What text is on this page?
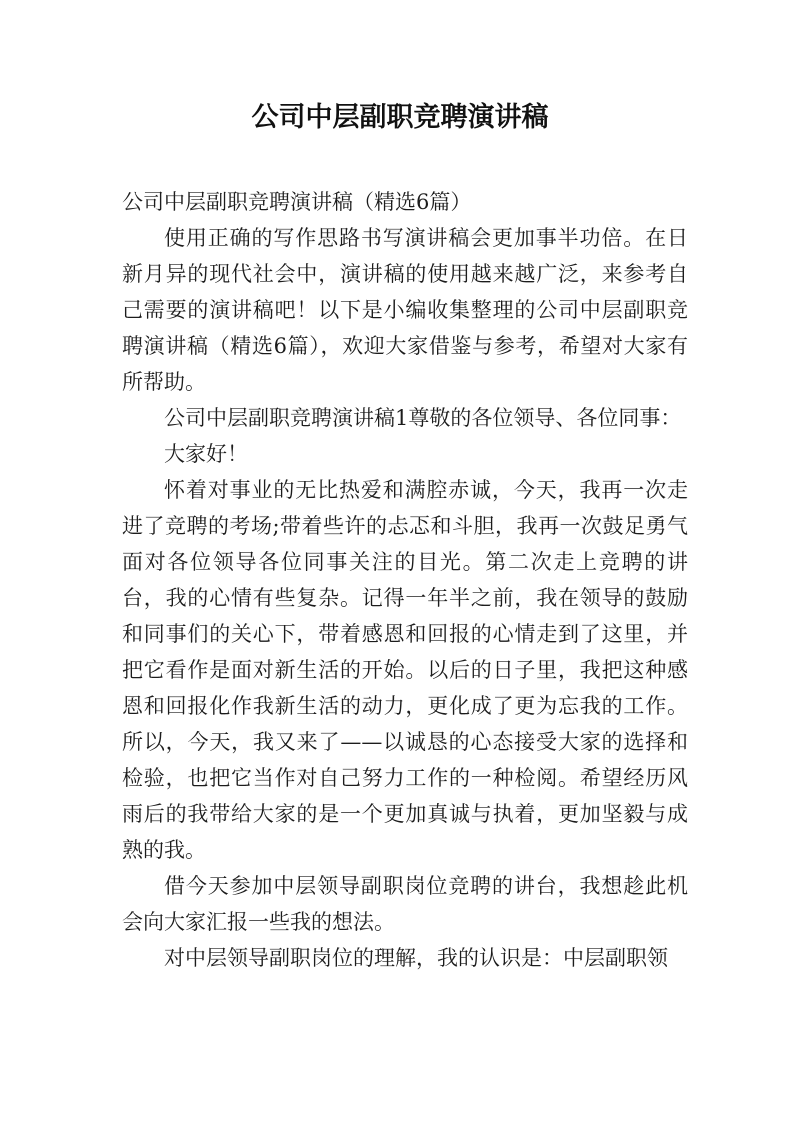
公司中层副职竞聘演讲稿

公司中层副职竞聘演讲稿（精选6篇）

使用正确的写作思路书写演讲稿会更加事半功倍。在日新月异的现代社会中，演讲稿的使用越来越广泛，来参考自己需要的演讲稿吧！以下是小编收集整理的公司中层副职竞聘演讲稿（精选6篇），欢迎大家借鉴与参考，希望对大家有所帮助。

公司中层副职竞聘演讲稿1尊敬的各位领导、各位同事：

大家好！

怀着对事业的无比热爱和满腔赤诚，今天，我再一次走进了竞聘的考场;带着些许的忐忑和斗胆，我再一次鼓足勇气面对各位领导各位同事关注的目光。第二次走上竞聘的讲台，我的心情有些复杂。记得一年半之前，我在领导的鼓励和同事们的关心下，带着感恩和回报的心情走到了这里，并把它看作是面对新生活的开始。以后的日子里，我把这种感恩和回报化作我新生活的动力，更化成了更为忘我的工作。所以，今天，我又来了——以诚恳的心态接受大家的选择和检验，也把它当作对自己努力工作的一种检阅。希望经历风雨后的我带给大家的是一个更加真诚与执着，更加坚毅与成熟的我。

借今天参加中层领导副职岗位竞聘的讲台，我想趁此机会向大家汇报一些我的想法。

对中层领导副职岗位的理解，我的认识是：中层副职领
